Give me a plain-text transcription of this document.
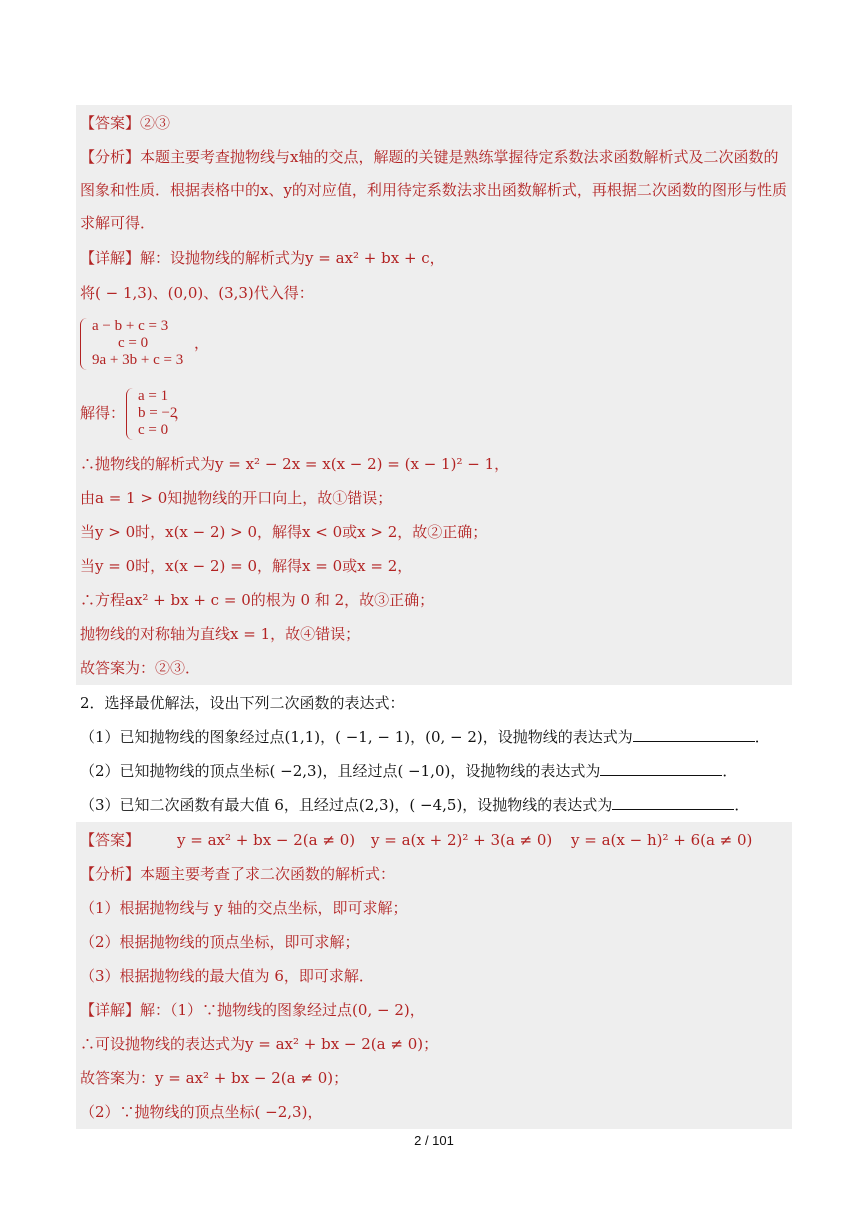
【答案】②③
【分析】本题主要考查抛物线与x轴的交点，解题的关键是熟练掌握待定系数法求函数解析式及二次函数的图象和性质．根据表格中的x、y的对应值，利用待定系数法求出函数解析式，再根据二次函数的图形与性质求解可得．
【详解】解：设抛物线的解析式为y = ax² + bx + c，
将( − 1,3)、(0,0)、(3,3)代入得：
a − b + c = 3
c = 0
9a + 3b + c = 3
，
解得：
a = 1
b = −2
c = 0
，
∴抛物线的解析式为y = x² − 2x = x(x − 2) = (x − 1)² − 1，
由a = 1 > 0知抛物线的开口向上，故①错误；
当y > 0时，x(x − 2) > 0，解得x < 0或x > 2，故②正确；
当y = 0时，x(x − 2) = 0，解得x = 0或x = 2，
∴方程ax² + bx + c = 0的根为 0 和 2，故③正确；
抛物线的对称轴为直线x = 1，故④错误；
故答案为：②③．
2．选择最优解法，设出下列二次函数的表达式：
（1）已知抛物线的图象经过点(1,1)，( −1, − 1)，(0, − 2)，设抛物线的表达式为	．
（2）已知抛物线的顶点坐标( −2,3)，且经过点( −1,0)，设抛物线的表达式为	．
（3）已知二次函数有最大值 6，且经过点(2,3)，( −4,5)，设抛物线的表达式为	．
【答案】 y = ax² + bx − 2(a ≠ 0) y = a(x + 2)² + 3(a ≠ 0) y = a(x − h)² + 6(a ≠ 0)
【分析】本题主要考查了求二次函数的解析式：
（1）根据抛物线与 y 轴的交点坐标，即可求解；
（2）根据抛物线的顶点坐标，即可求解；
（3）根据抛物线的最大值为 6，即可求解．
【详解】解：（1）∵抛物线的图象经过点(0, − 2)，
∴可设抛物线的表达式为y = ax² + bx − 2(a ≠ 0)；
故答案为：y = ax² + bx − 2(a ≠ 0)；
（2）∵抛物线的顶点坐标( −2,3)，
2 / 101
